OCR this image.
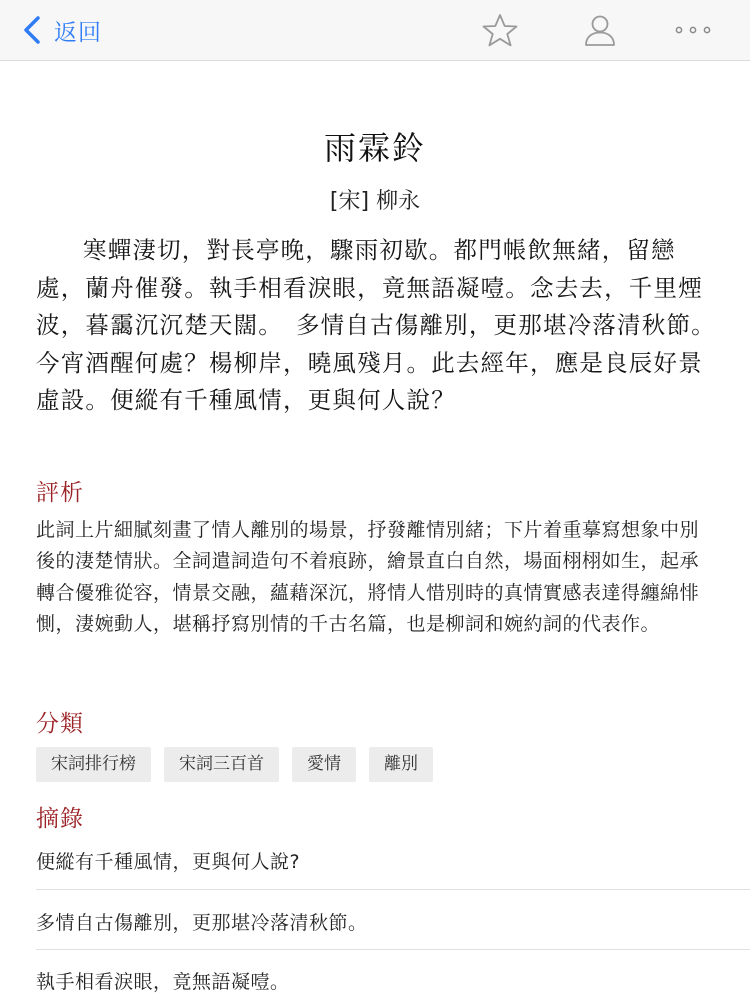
返回
雨霖鈴
[宋] 柳永
寒蟬淒切，對長亭晚，驟雨初歇。都門帳飲無緒，留戀處，蘭舟催發。執手相看淚眼，竟無語凝噎。念去去，千里煙波，暮靄沉沉楚天闊。　多情自古傷離別，更那堪冷落清秋節。今宵酒醒何處？楊柳岸，曉風殘月。此去經年，應是良辰好景虛設。便縱有千種風情，更與何人說？
評析
此詞上片細膩刻畫了情人離別的場景，抒發離情別緒；下片着重摹寫想象中別後的淒楚情狀。全詞遣詞造句不着痕跡，繪景直白自然，場面栩栩如生，起承轉合優雅從容，情景交融，蘊藉深沉，將情人惜別時的真情實感表達得纏綿悱惻，淒婉動人，堪稱抒寫別情的千古名篇，也是柳詞和婉約詞的代表作。
分類
宋詞排行榜	宋詞三百首	愛情	離別
摘錄
便縱有千種風情，更與何人說?
多情自古傷離別，更那堪冷落清秋節。
執手相看淚眼，竟無語凝噎。
